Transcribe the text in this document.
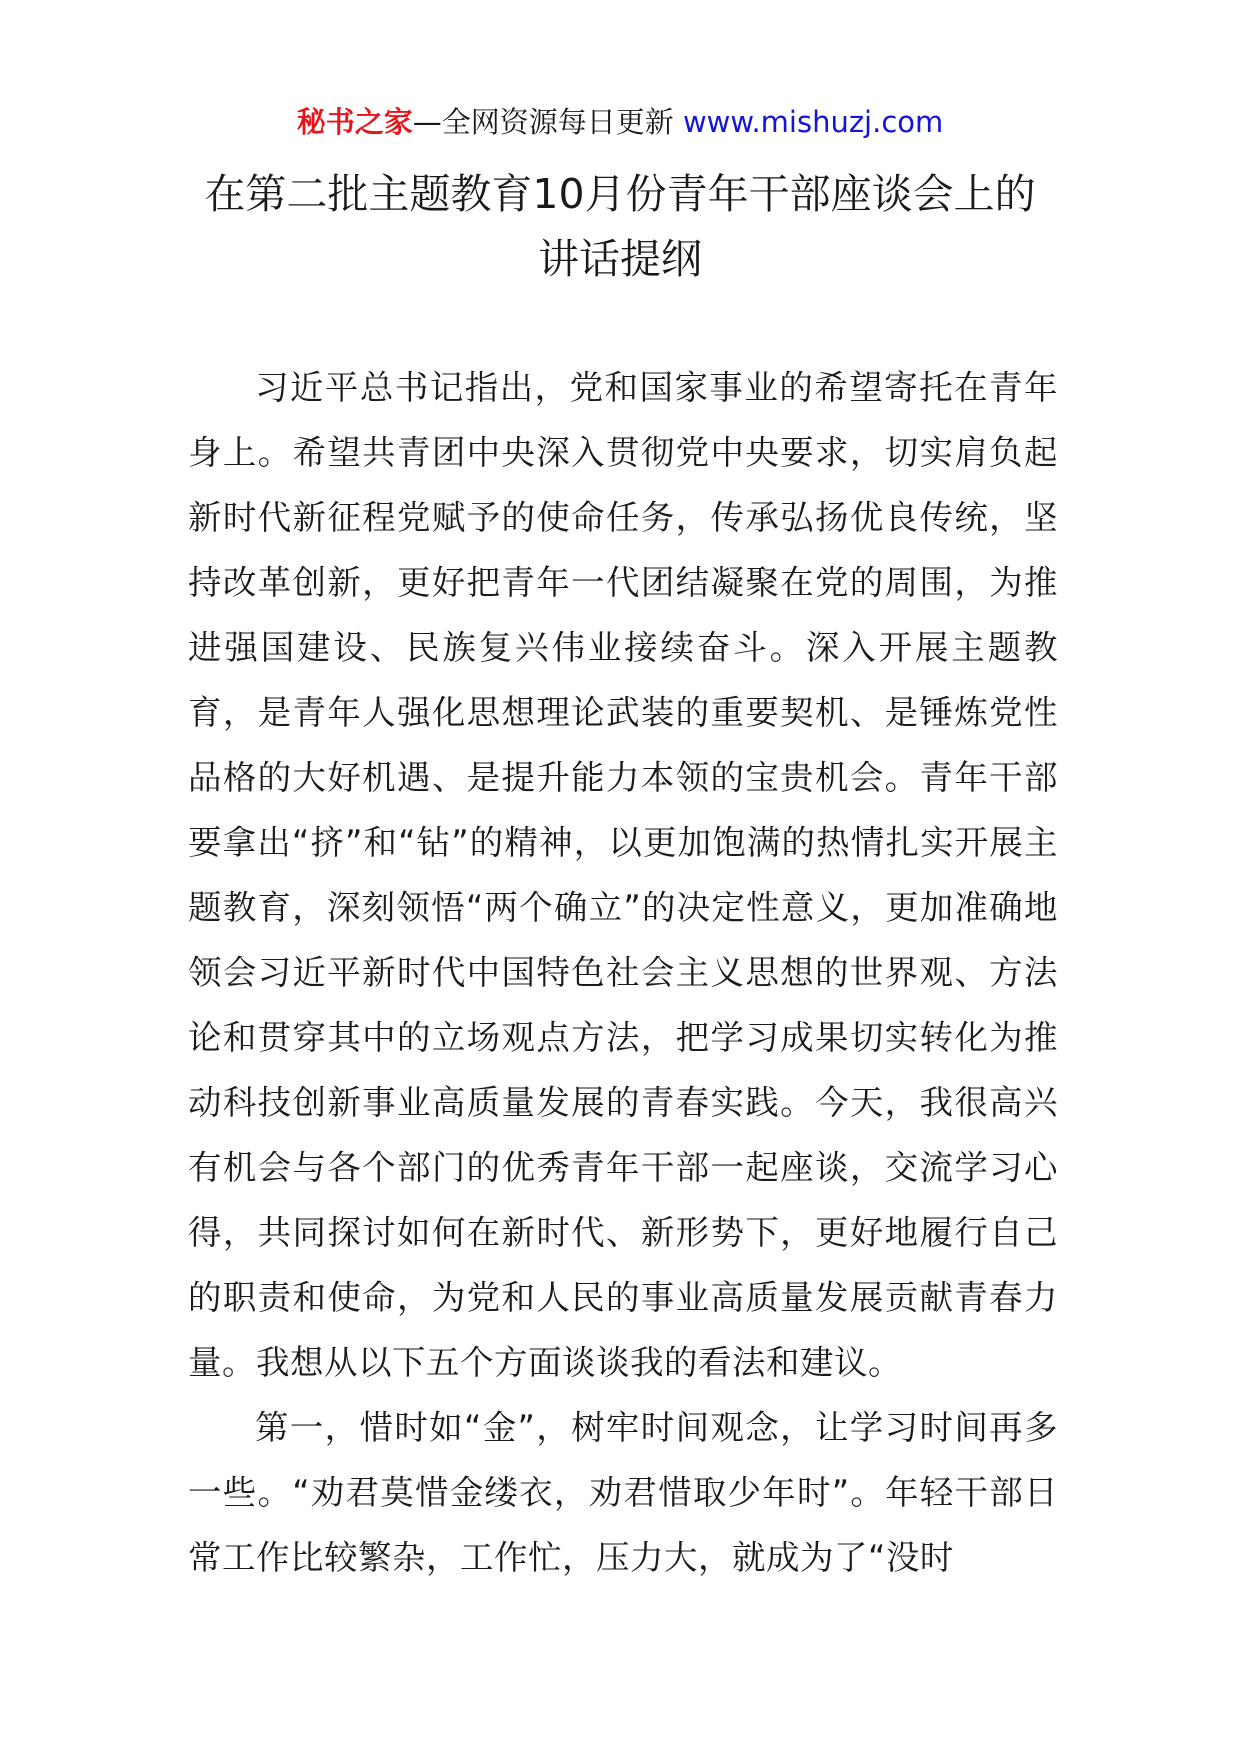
秘书之家—全网资源每日更新 www.mishuzj.com
在第二批主题教育10月份青年干部座谈会上的
讲话提纲

习近平总书记指出，党和国家事业的希望寄托在青年身上。希望共青团中央深入贯彻党中央要求，切实肩负起新时代新征程党赋予的使命任务，传承弘扬优良传统，坚持改革创新，更好把青年一代团结凝聚在党的周围，为推进强国建设、民族复兴伟业接续奋斗。深入开展主题教育，是青年人强化思想理论武装的重要契机、是锤炼党性品格的大好机遇、是提升能力本领的宝贵机会。青年干部要拿出“挤”和“钻”的精神，以更加饱满的热情扎实开展主题教育，深刻领悟“两个确立”的决定性意义，更加准确地领会习近平新时代中国特色社会主义思想的世界观、方法论和贯穿其中的立场观点方法，把学习成果切实转化为推动科技创新事业高质量发展的青春实践。今天，我很高兴有机会与各个部门的优秀青年干部一起座谈，交流学习心得，共同探讨如何在新时代、新形势下，更好地履行自己的职责和使命，为党和人民的事业高质量发展贡献青春力量。我想从以下五个方面谈谈我的看法和建议。

第一，惜时如“金”，树牢时间观念，让学习时间再多一些。“劝君莫惜金缕衣，劝君惜取少年时”。年轻干部日常工作比较繁杂，工作忙，压力大，就成为了“没时
